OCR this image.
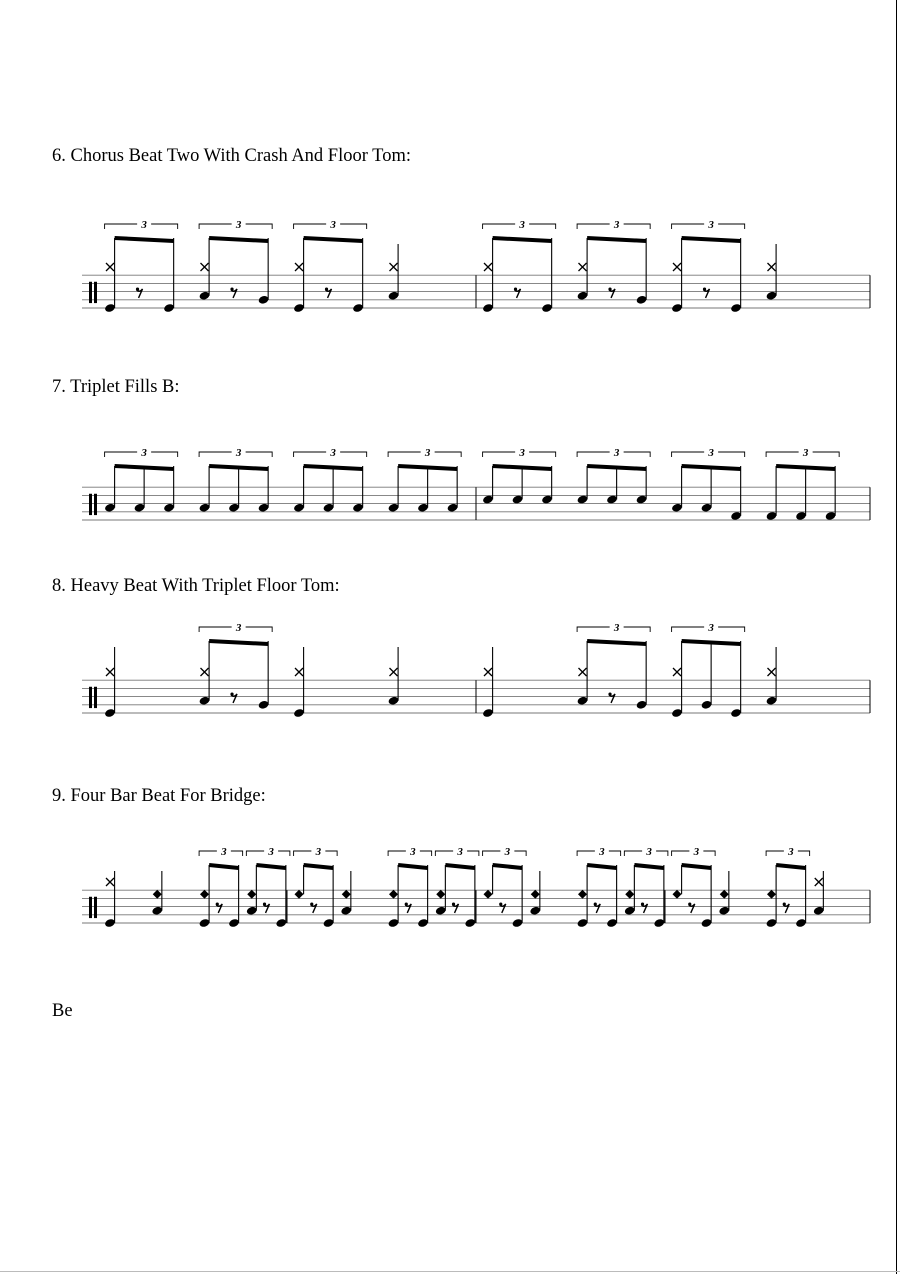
6. Chorus Beat Two With Crash And Floor Tom:
3	3	3	3	3	3
7. Triplet Fills B:
3	3	3	3	3	3	3	3
8. Heavy Beat With Triplet Floor Tom:
3	3	3
9. Four Bar Beat For Bridge:
3	3	3	3	3	3	3	3	3	3
Be
